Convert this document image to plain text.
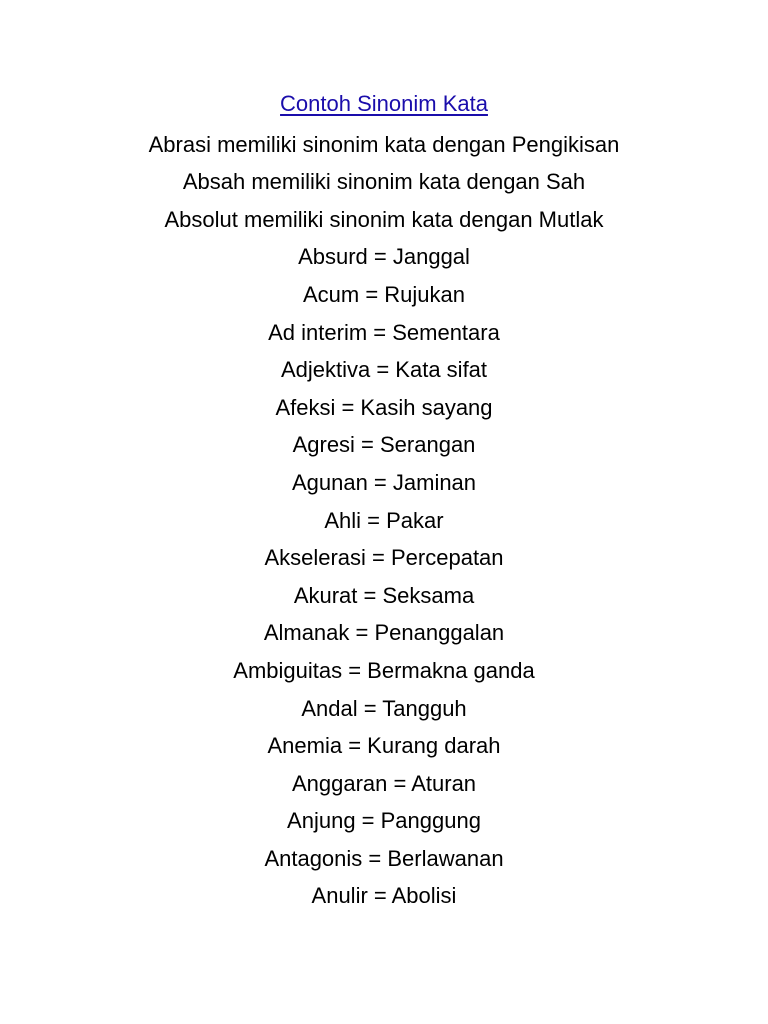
Contoh Sinonim Kata
Abrasi memiliki sinonim kata dengan Pengikisan
Absah memiliki sinonim kata dengan Sah
Absolut memiliki sinonim kata dengan Mutlak
Absurd = Janggal
Acum = Rujukan
Ad interim = Sementara
Adjektiva = Kata sifat
Afeksi = Kasih sayang
Agresi = Serangan
Agunan = Jaminan
Ahli = Pakar
Akselerasi = Percepatan
Akurat = Seksama
Almanak = Penanggalan
Ambiguitas = Bermakna ganda
Andal = Tangguh
Anemia = Kurang darah
Anggaran = Aturan
Anjung = Panggung
Antagonis = Berlawanan
Anulir = Abolisi
